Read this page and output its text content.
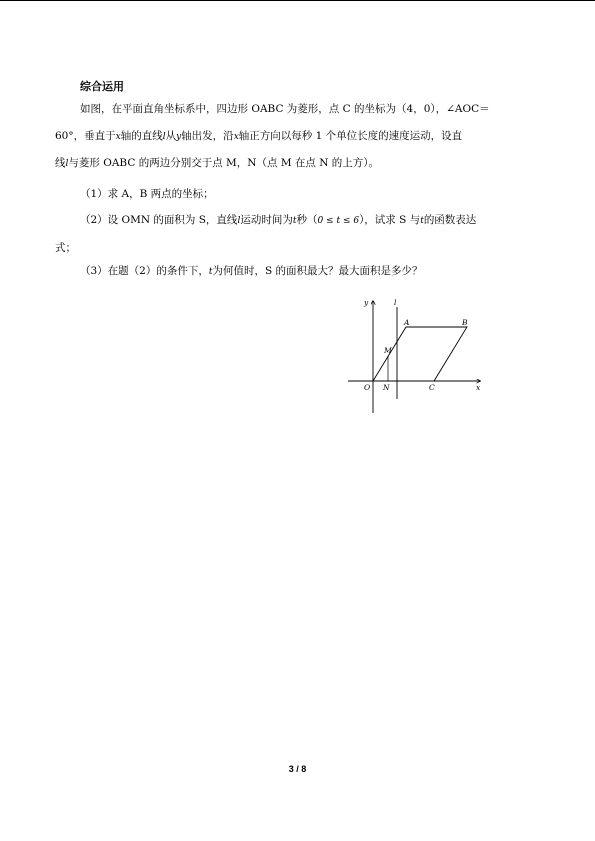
综合运用
如图，在平面直角坐标系中，四边形 OABC 为菱形，点 C 的坐标为（4，0），∠AOC＝
60°，垂直于x轴的直线l从y轴出发，沿x轴正方向以每秒 1 个单位长度的速度运动，设直
线l与菱形 OABC 的两边分别交于点 M，N（点 M 在点 N 的上方）。
（1）求 A，B 两点的坐标；
（2）设 OMN 的面积为 S，直线l运动时间为t秒（0 ≤ t ≤ 6），试求 S 与t的函数表达
式；
（3）在题（2）的条件下，t为何值时，S 的面积最大？最大面积是多少？
y	l
A	B
M
O N	C	x
3 / 8
